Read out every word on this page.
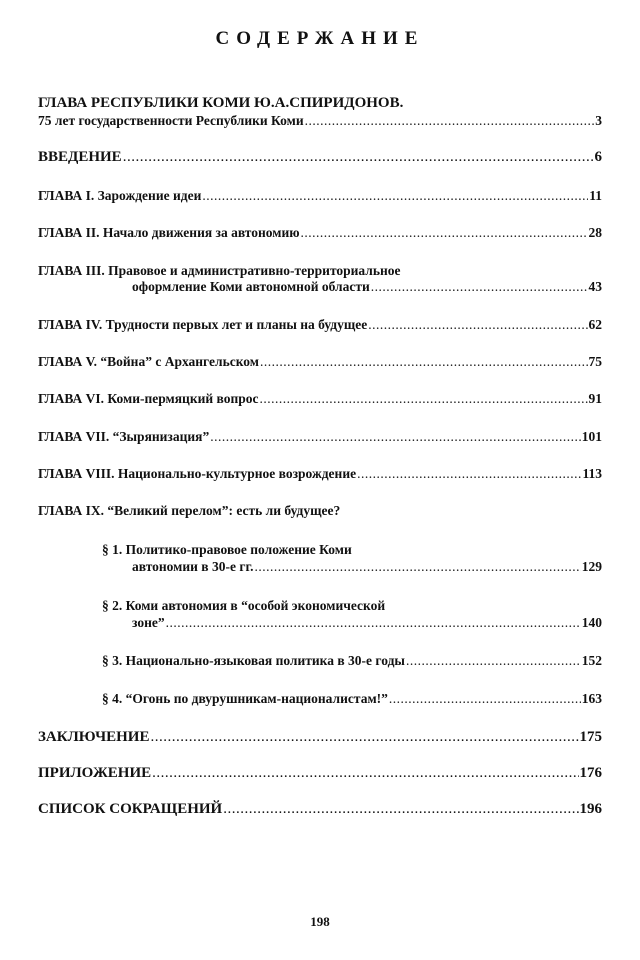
СОДЕРЖАНИЕ
ГЛАВА РЕСПУБЛИКИ КОМИ Ю.А.СПИРИДОНОВ.
75 лет государственности Республики Коми .....	3
ВВЕДЕНИЕ .....	6
ГЛАВА I. Зарождение идеи .....	11
ГЛАВА II. Начало движения за автономию .....	28
ГЛАВА III. Правовое и административно-территориальное
оформление Коми автономной области .....	43
ГЛАВА IV. Трудности первых лет и планы на будущее .....	62
ГЛАВА V. “Война” с Архангельском .....	75
ГЛАВА VI. Коми-пермяцкий вопрос .....	91
ГЛАВА VII. “Зырянизация” .....	101
ГЛАВА VIII. Национально-культурное возрождение .....	113
ГЛАВА IX. “Великий перелом”: есть ли будущее?
§ 1. Политико-правовое положение Коми
автономии в 30-е гг. .....	129
§ 2. Коми автономия в “особой экономической
зоне” .....	140
§ 3. Национально-языковая политика в 30-е годы .....	152
§ 4. “Огонь по двурушникам-националистам!” .....	163
ЗАКЛЮЧЕНИЕ .....	175
ПРИЛОЖЕНИЕ .....	176
СПИСОК СОКРАЩЕНИЙ .....	196
198
